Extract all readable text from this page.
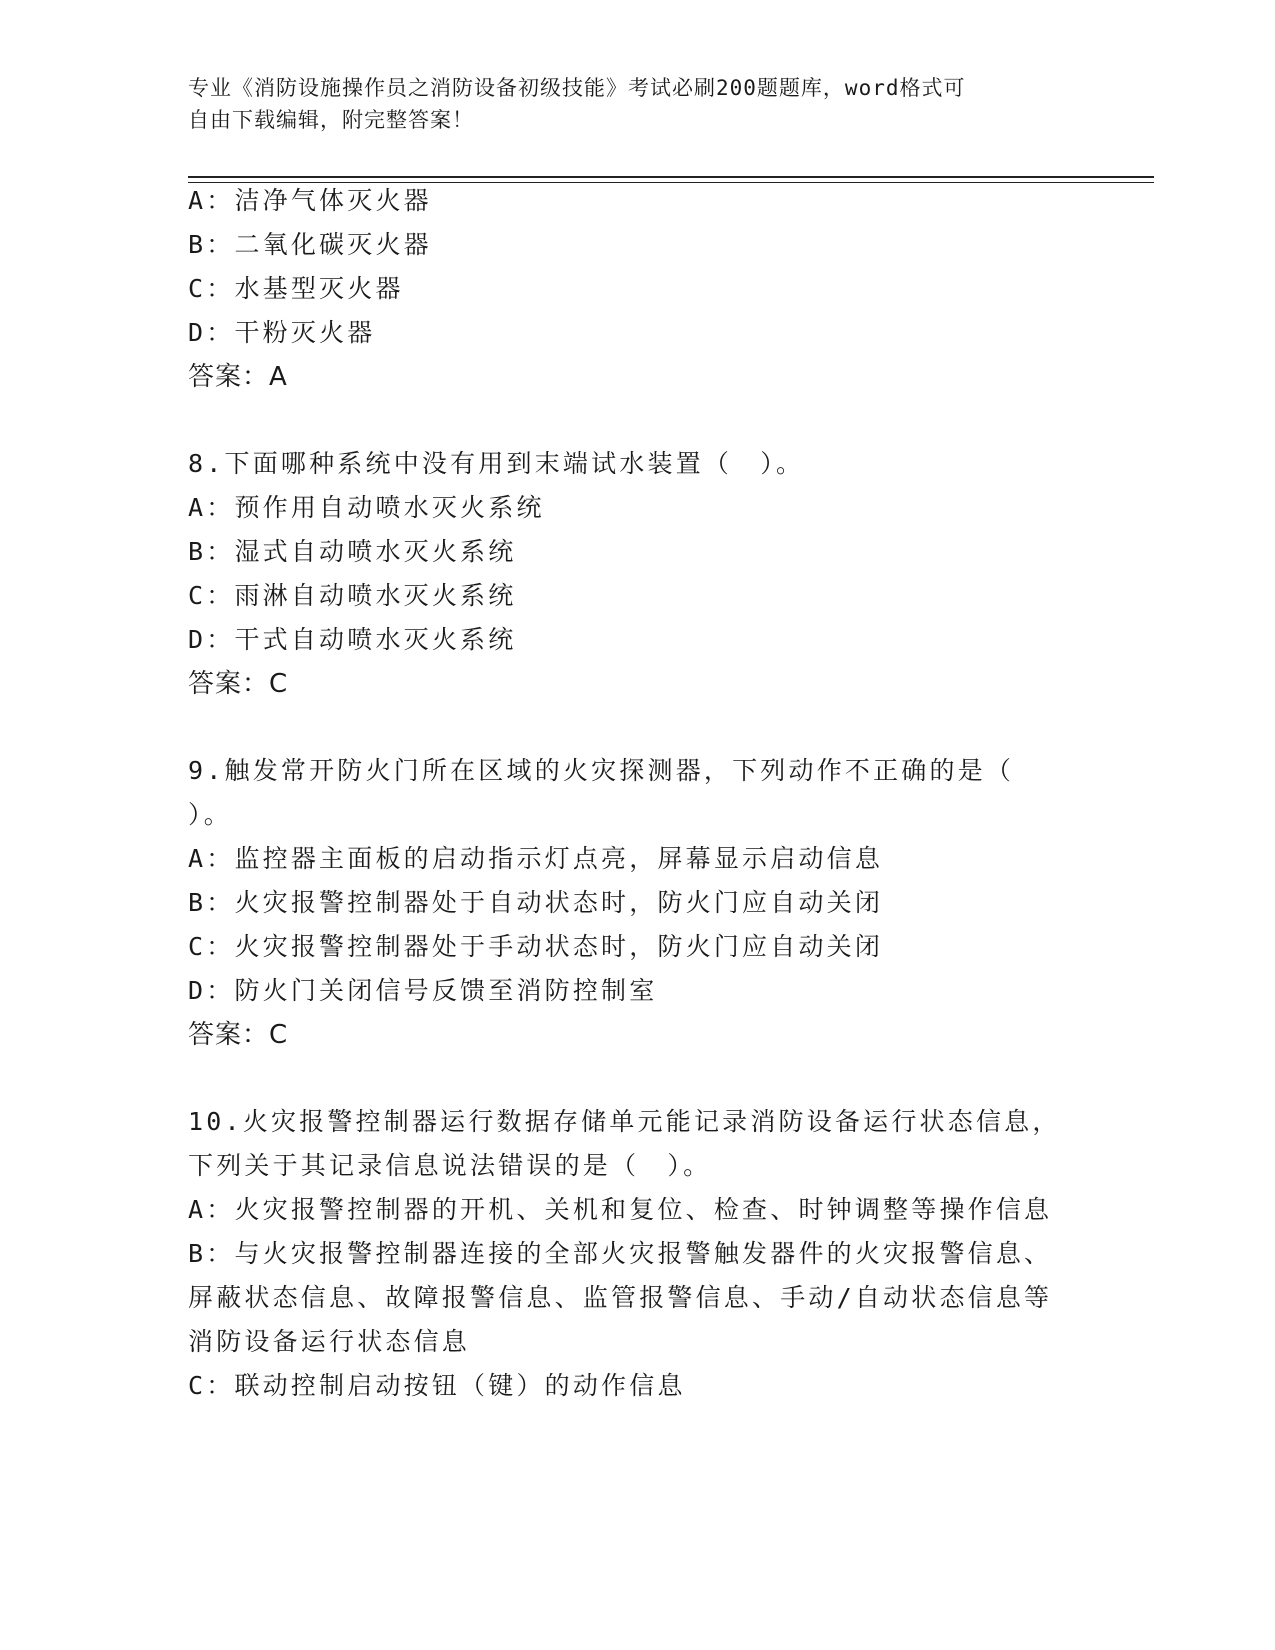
专业《消防设施操作员之消防设备初级技能》考试必刷200题题库，word格式可
自由下载编辑，附完整答案！
A：洁净气体灭火器
B：二氧化碳灭火器
C：水基型灭火器
D：干粉灭火器
答案：A
8.下面哪种系统中没有用到末端试水装置（　）。
A：预作用自动喷水灭火系统
B：湿式自动喷水灭火系统
C：雨淋自动喷水灭火系统
D：干式自动喷水灭火系统
答案：C
9.触发常开防火门所在区域的火灾探测器，下列动作不正确的是（
）。
A：监控器主面板的启动指示灯点亮，屏幕显示启动信息
B：火灾报警控制器处于自动状态时，防火门应自动关闭
C：火灾报警控制器处于手动状态时，防火门应自动关闭
D：防火门关闭信号反馈至消防控制室
答案：C
10.火灾报警控制器运行数据存储单元能记录消防设备运行状态信息，
下列关于其记录信息说法错误的是（　）。
A：火灾报警控制器的开机、关机和复位、检查、时钟调整等操作信息
B：与火灾报警控制器连接的全部火灾报警触发器件的火灾报警信息、
屏蔽状态信息、故障报警信息、监管报警信息、手动/自动状态信息等
消防设备运行状态信息
C：联动控制启动按钮（键）的动作信息
